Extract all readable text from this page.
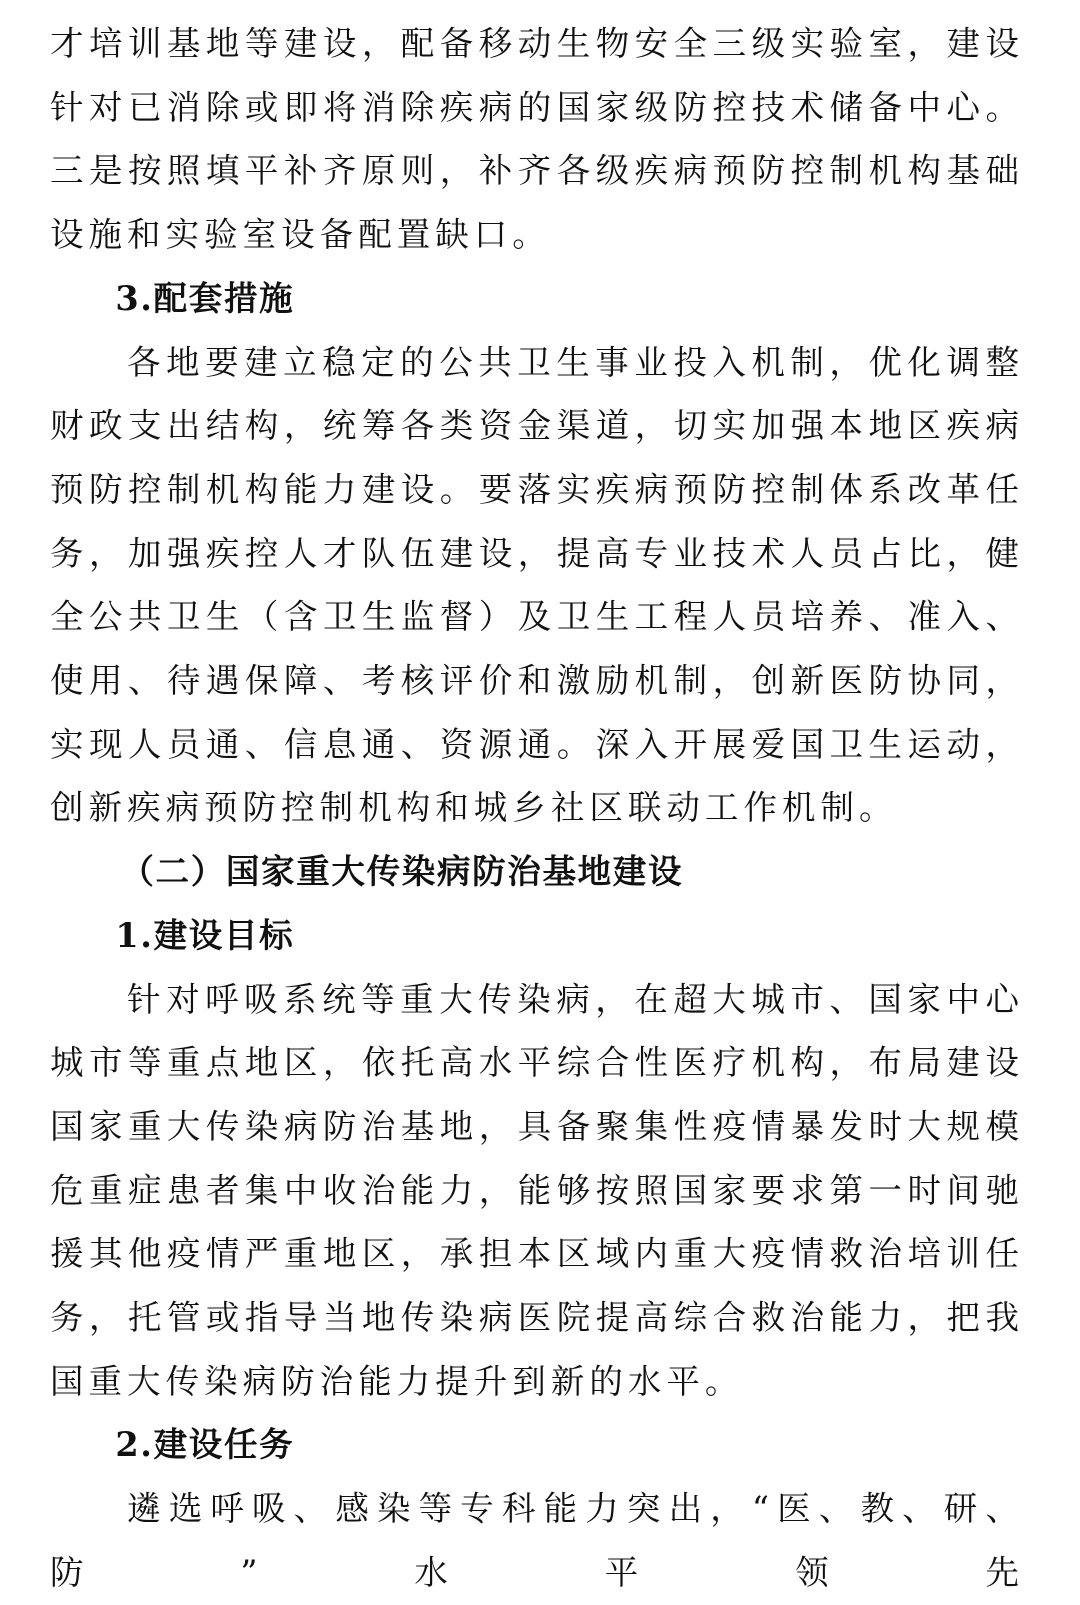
才培训基地等建设，配备移动生物安全三级实验室，建设针对已消除或即将消除疾病的国家级防控技术储备中心。三是按照填平补齐原则，补齐各级疾病预防控制机构基础设施和实验室设备配置缺口。

3.配套措施

各地要建立稳定的公共卫生事业投入机制，优化调整财政支出结构，统筹各类资金渠道，切实加强本地区疾病预防控制机构能力建设。要落实疾病预防控制体系改革任务，加强疾控人才队伍建设，提高专业技术人员占比，健全公共卫生（含卫生监督）及卫生工程人员培养、准入、使用、待遇保障、考核评价和激励机制，创新医防协同，实现人员通、信息通、资源通。深入开展爱国卫生运动，创新疾病预防控制机构和城乡社区联动工作机制。

（二）国家重大传染病防治基地建设
1.建设目标

针对呼吸系统等重大传染病，在超大城市、国家中心城市等重点地区，依托高水平综合性医疗机构，布局建设国家重大传染病防治基地，具备聚集性疫情暴发时大规模危重症患者集中收治能力，能够按照国家要求第一时间驰援其他疫情严重地区，承担本区域内重大疫情救治培训任务，托管或指导当地传染病医院提高综合救治能力，把我国重大传染病防治能力提升到新的水平。

2.建设任务

遴选呼吸、感染等专科能力突出，“医、教、研、防”水平领先
